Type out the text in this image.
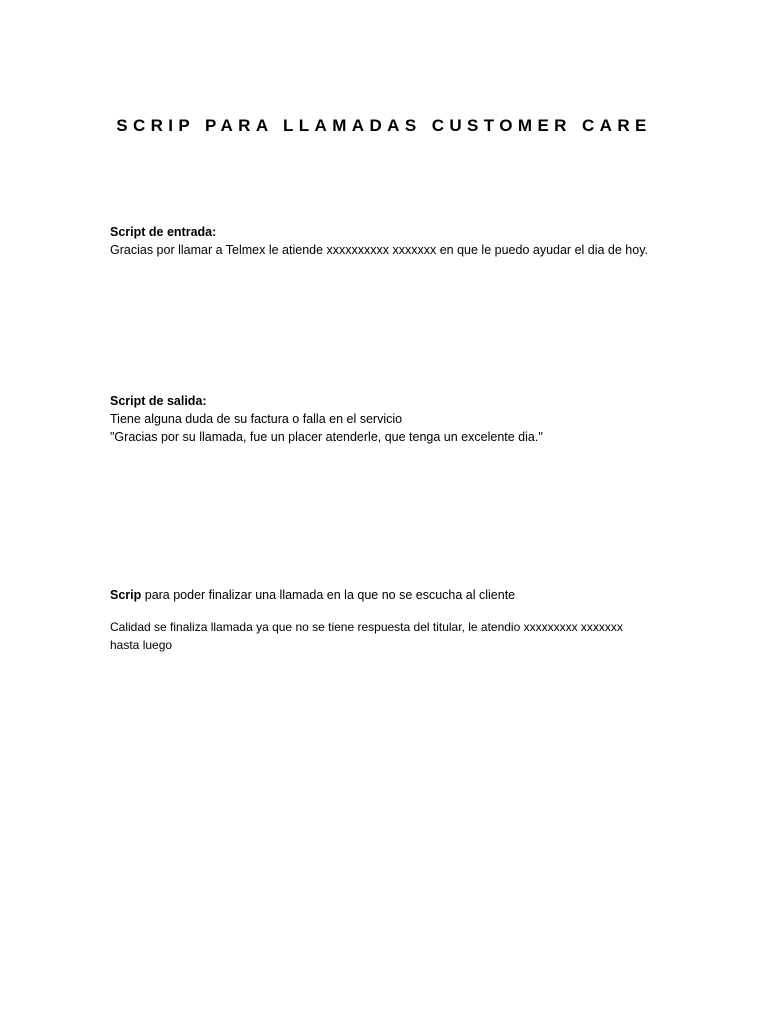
SCRIP PARA LLAMADAS CUSTOMER CARE

Script de entrada:

Gracias por llamar a Telmex le atiende xxxxxxxxxx xxxxxxx en que le puedo ayudar el dia de hoy.

Script de salida:

Tiene alguna duda de su factura o falla en el servicio

"Gracias por su llamada, fue un placer atenderle, que tenga un excelente dia."

Scrip para poder finalizar una llamada en la que no se escucha al cliente

Calidad se finaliza llamada ya que no se tiene respuesta del titular, le atendio xxxxxxxxx xxxxxxx hasta luego
